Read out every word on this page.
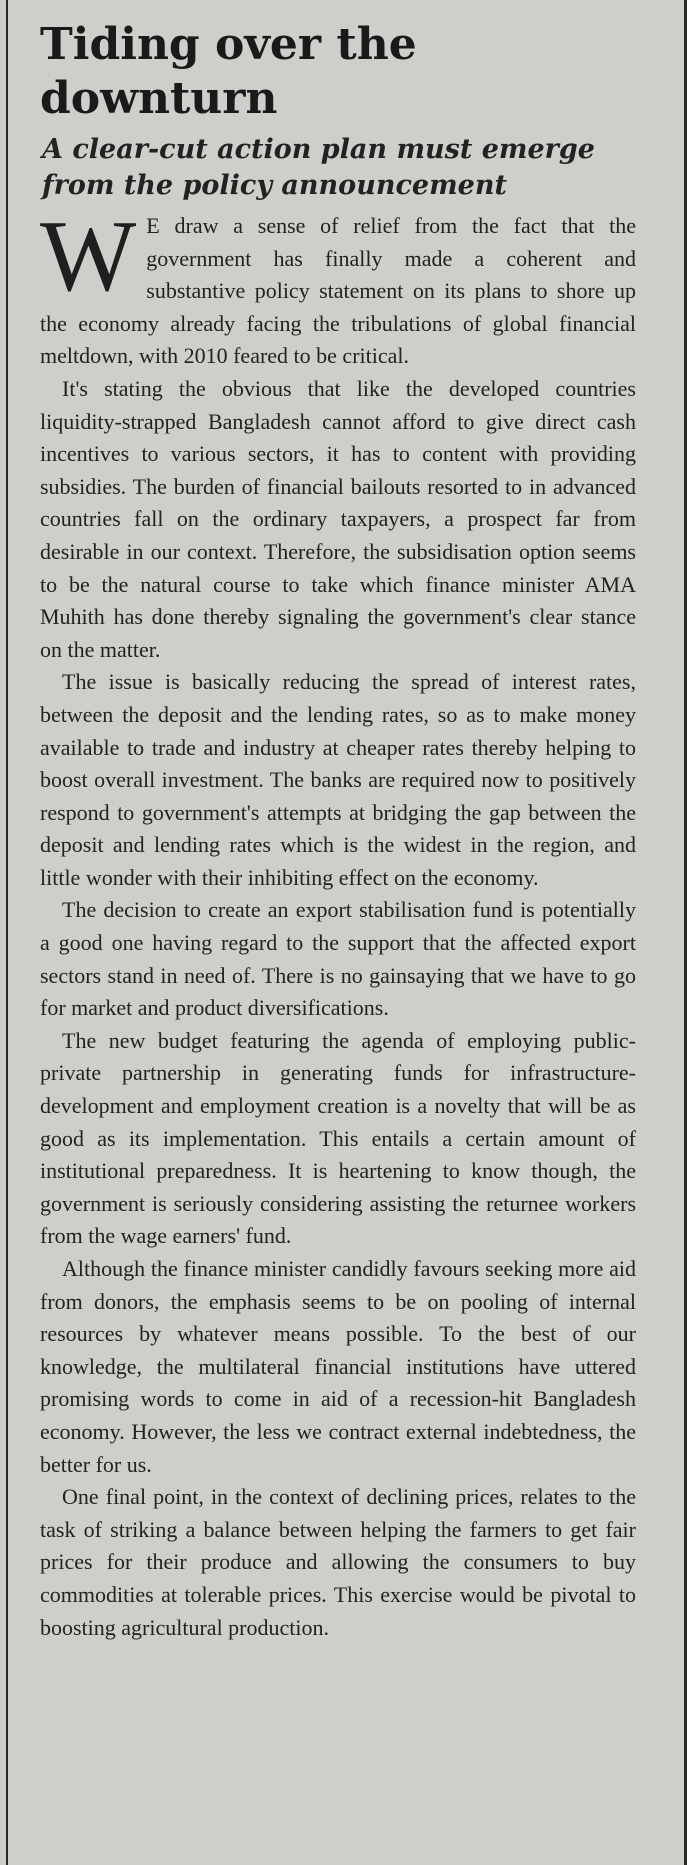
Tiding over the downturn
A clear-cut action plan must emerge from the policy announcement

W E draw a sense of relief from the fact that the government has finally made a coherent and substantive policy statement on its plans to shore up the economy already facing the tribulations of global financial meltdown, with 2010 feared to be critical.

It's stating the obvious that like the developed countries liquidity-strapped Bangladesh cannot afford to give direct cash incentives to various sectors, it has to content with providing subsidies. The burden of financial bailouts resorted to in advanced countries fall on the ordinary taxpayers, a prospect far from desirable in our context. Therefore, the subsidisation option seems to be the natural course to take which finance minister AMA Muhith has done thereby signaling the government's clear stance on the matter.

The issue is basically reducing the spread of interest rates, between the deposit and the lending rates, so as to make money available to trade and industry at cheaper rates thereby helping to boost overall investment. The banks are required now to positively respond to government's attempts at bridging the gap between the deposit and lending rates which is the widest in the region, and little wonder with their inhibiting effect on the economy.

The decision to create an export stabilisation fund is potentially a good one having regard to the support that the affected export sectors stand in need of. There is no gainsaying that we have to go for market and product diversifications.

The new budget featuring the agenda of employing public-private partnership in generating funds for infrastructure-development and employment creation is a novelty that will be as good as its implementation. This entails a certain amount of institutional preparedness. It is heartening to know though, the government is seriously considering assisting the returnee workers from the wage earners' fund.

Although the finance minister candidly favours seeking more aid from donors, the emphasis seems to be on pooling of internal resources by whatever means possible. To the best of our knowledge, the multilateral financial institutions have uttered promising words to come in aid of a recession-hit Bangladesh economy. However, the less we contract external indebtedness, the better for us.

One final point, in the context of declining prices, relates to the task of striking a balance between helping the farmers to get fair prices for their produce and allowing the consumers to buy commodities at tolerable prices. This exercise would be pivotal to boosting agricultural production.
